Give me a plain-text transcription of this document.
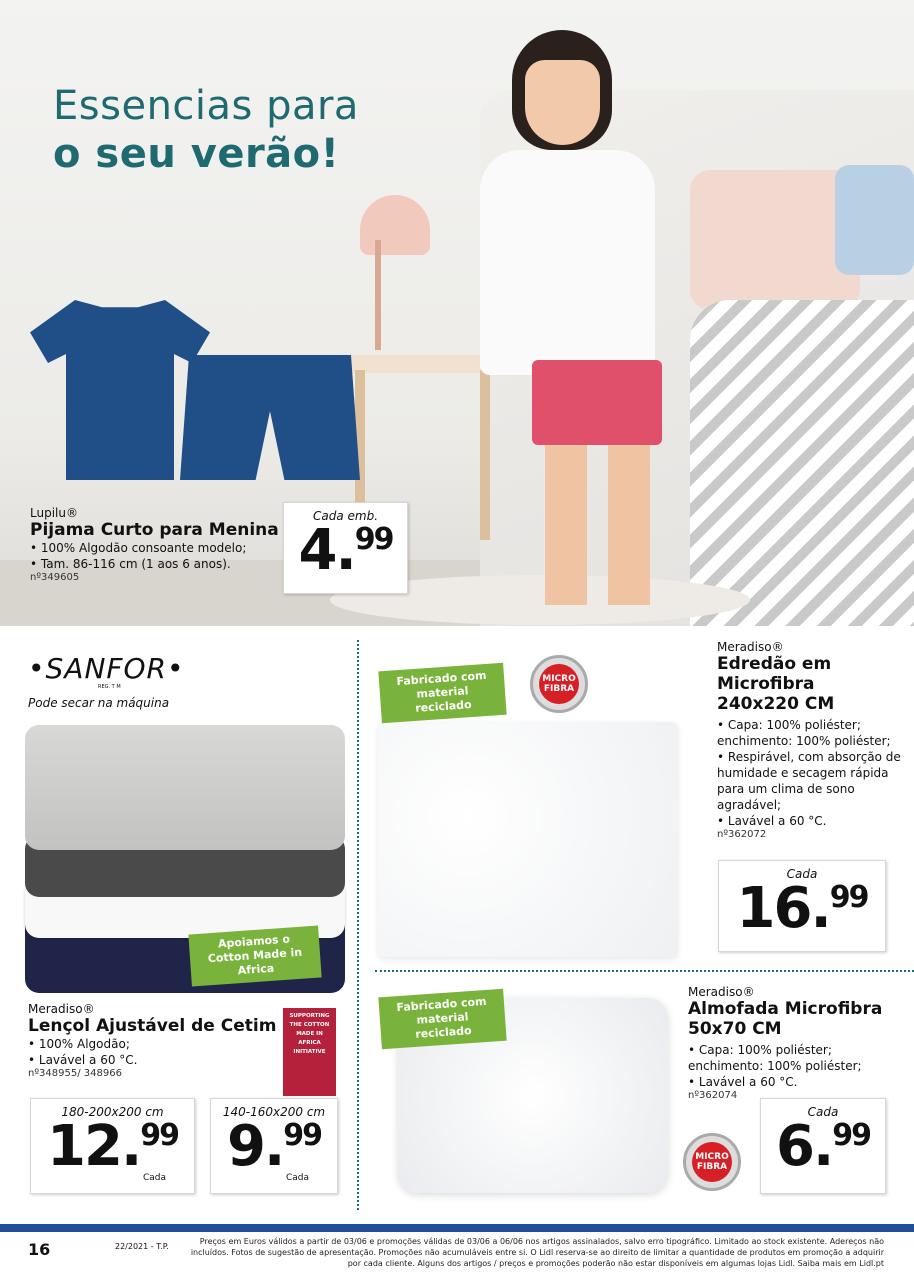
Essencias para
o seu verão!
Lupilu®
Pijama Curto para Menina
• 100% Algodão consoante modelo;
• Tam. 86-116 cm (1 aos 6 anos).
nº349605
Cada emb.
4.99
•SANFOR•
REG. T M
Pode secar na máquina
Apoiamos o Cotton Made in Africa
SUPPORTING THE COTTON MADE IN AFRICA INITIATIVE
Meradiso®
Lençol Ajustável de Cetim
• 100% Algodão;
• Lavável a 60 °C.
nº348955/ 348966
180-200x200 cm
12.99
Cada
140-160x200 cm
9.99
Cada
Fabricado com material reciclado
MICRO FIBRA
Meradiso®
Edredão em Microfibra 240x220 CM
• Capa: 100% poliéster; enchimento: 100% poliéster;
• Respirável, com absorção de humidade e secagem rápida para um clima de sono agradável;
• Lavável a 60 °C.
nº362072
Cada
16.99
Fabricado com material reciclado
Meradiso®
Almofada Microfibra 50x70 CM
• Capa: 100% poliéster; enchimento: 100% poliéster;
• Lavável a 60 °C.
nº362074
MICRO FIBRA
Cada
6.99
16	22/2021 - T.P.
Preços em Euros válidos a partir de 03/06 e promoções válidas de 03/06 a 06/06 nos artigos assinalados, salvo erro tipográfico. Limitado ao stock existente. Adereços não incluídos. Fotos de sugestão de apresentação. Promoções não acumuláveis entre si. O Lidl reserva-se ao direito de limitar a quantidade de produtos em promoção a adquirir por cada cliente. Alguns dos artigos / preços e promoções poderão não estar disponíveis em algumas lojas Lidl. Saiba mais em Lidl.pt
